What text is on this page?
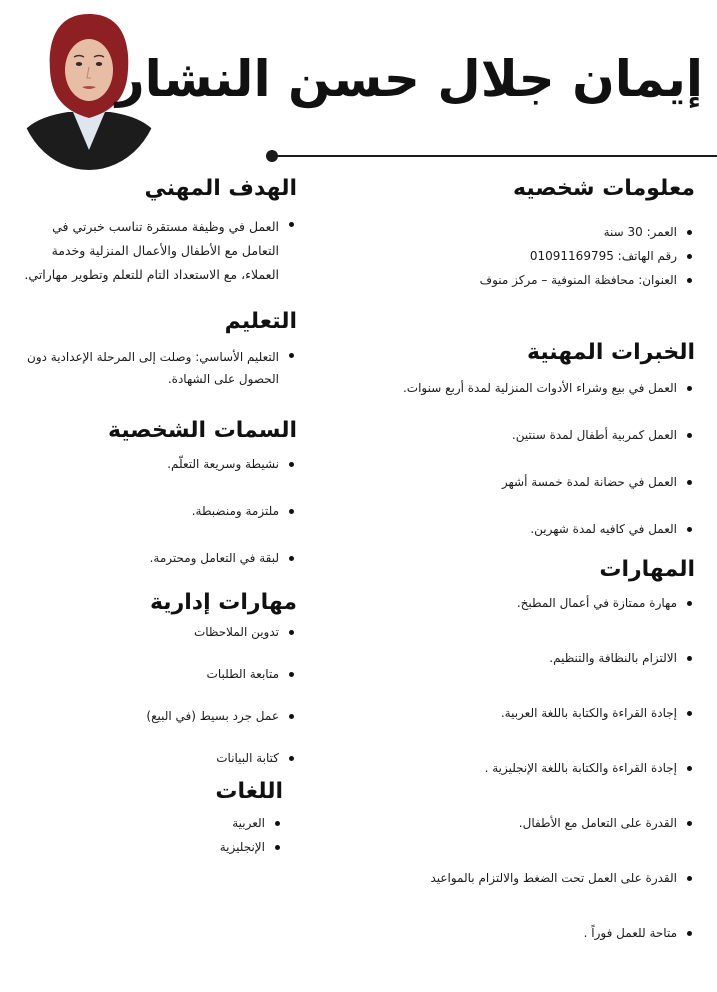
إيمان جلال حسن النشار
معلومات شخصيه
العمر: 30 سنة
رقم الهاتف: 01091169795
العنوان: محافظة المنوفية – مركز منوف
الخبرات المهنية
العمل في بيع وشراء الأدوات المنزلية لمدة أربع سنوات.
العمل كمربية أطفال لمدة سنتين.
العمل في حضانة لمدة خمسة أشهر
العمل في كافيه لمدة شهرين.
المهارات
مهارة ممتازة في أعمال المطبخ.
الالتزام بالنظافة والتنظيم.
إجادة القراءة والكتابة باللغة العربية.
إجادة القراءة والكتابة باللغة الإنجليزية .
القدرة على التعامل مع الأطفال.
القدرة على العمل تحت الضغط والالتزام بالمواعيد
متاحة للعمل فوراً .
الهدف المهني
العمل في وظيفة مستقرة تناسب خبرتي في التعامل مع الأطفال والأعمال المنزلية وخدمة العملاء، مع الاستعداد التام للتعلم وتطوير مهاراتي.
التعليم
التعليم الأساسي: وصلت إلى المرحلة الإعدادية دون الحصول على الشهادة.
السمات الشخصية
نشيطة وسريعة التعلّم.
ملتزمة ومنضبطة.
لبقة في التعامل ومحترمة.
مهارات إدارية
تدوين الملاحظات
متابعة الطلبات
عمل جرد بسيط (في البيع)
كتابة البيانات
اللغات
العربية
الإنجليزية
